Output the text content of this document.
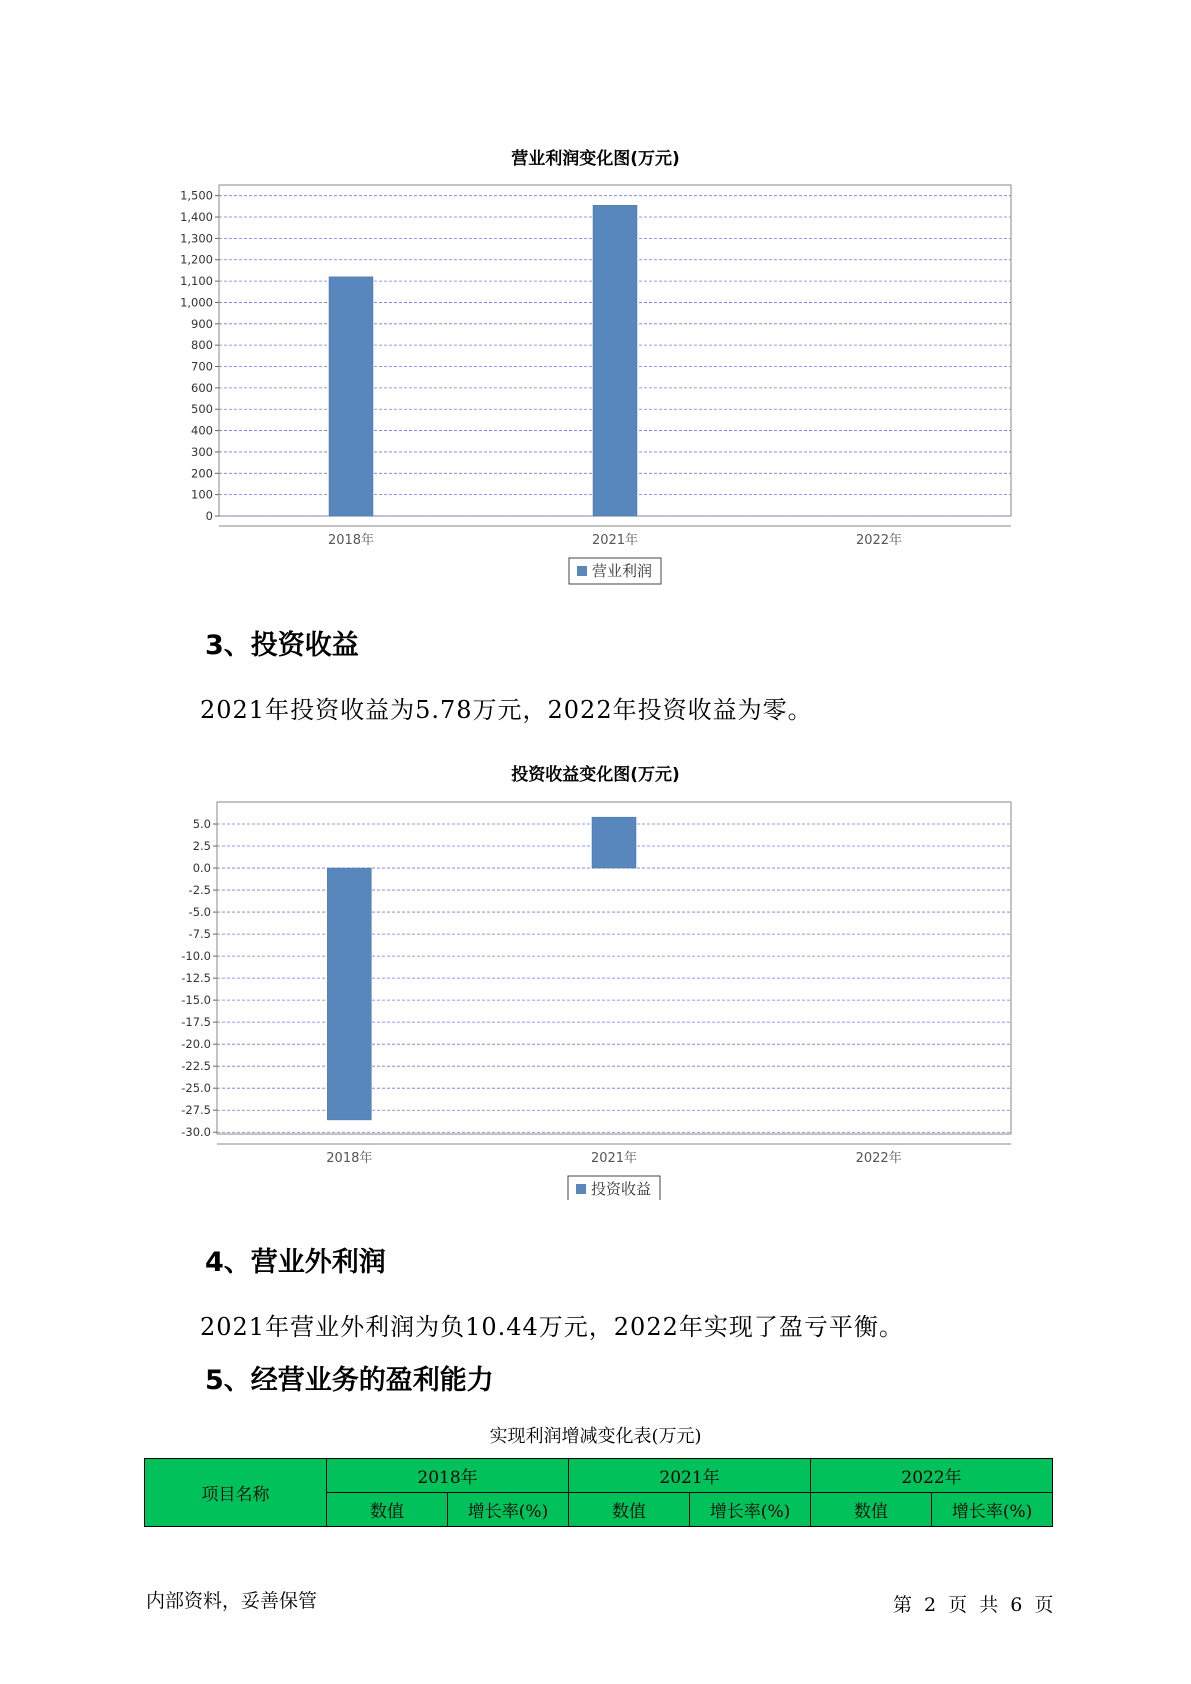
营业利润变化图(万元)
0
100
200
300
400
500
600
700
800
900
1,000
1,100
1,200
1,300
1,400
1,500
2018年	2021年	2022年
营业利润
3、投资收益
2021年投资收益为5.78万元，2022年投资收益为零。
投资收益变化图(万元)
5.0
2.5
0.0
-2.5
-5.0
-7.5
-10.0
-12.5
-15.0
-17.5
-20.0
-22.5
-25.0
-27.5
-30.0
2018年	2021年	2022年
投资收益
4、营业外利润
2021年营业外利润为负10.44万元，2022年实现了盈亏平衡。
5、经营业务的盈利能力
实现利润增减变化表(万元)
项目名称	2018年		2021年		2022年	
	数值	增长率(%)	数值	增长率(%)	数值	增长率(%)
内部资料，妥善保管	第 2 页 共 6 页
